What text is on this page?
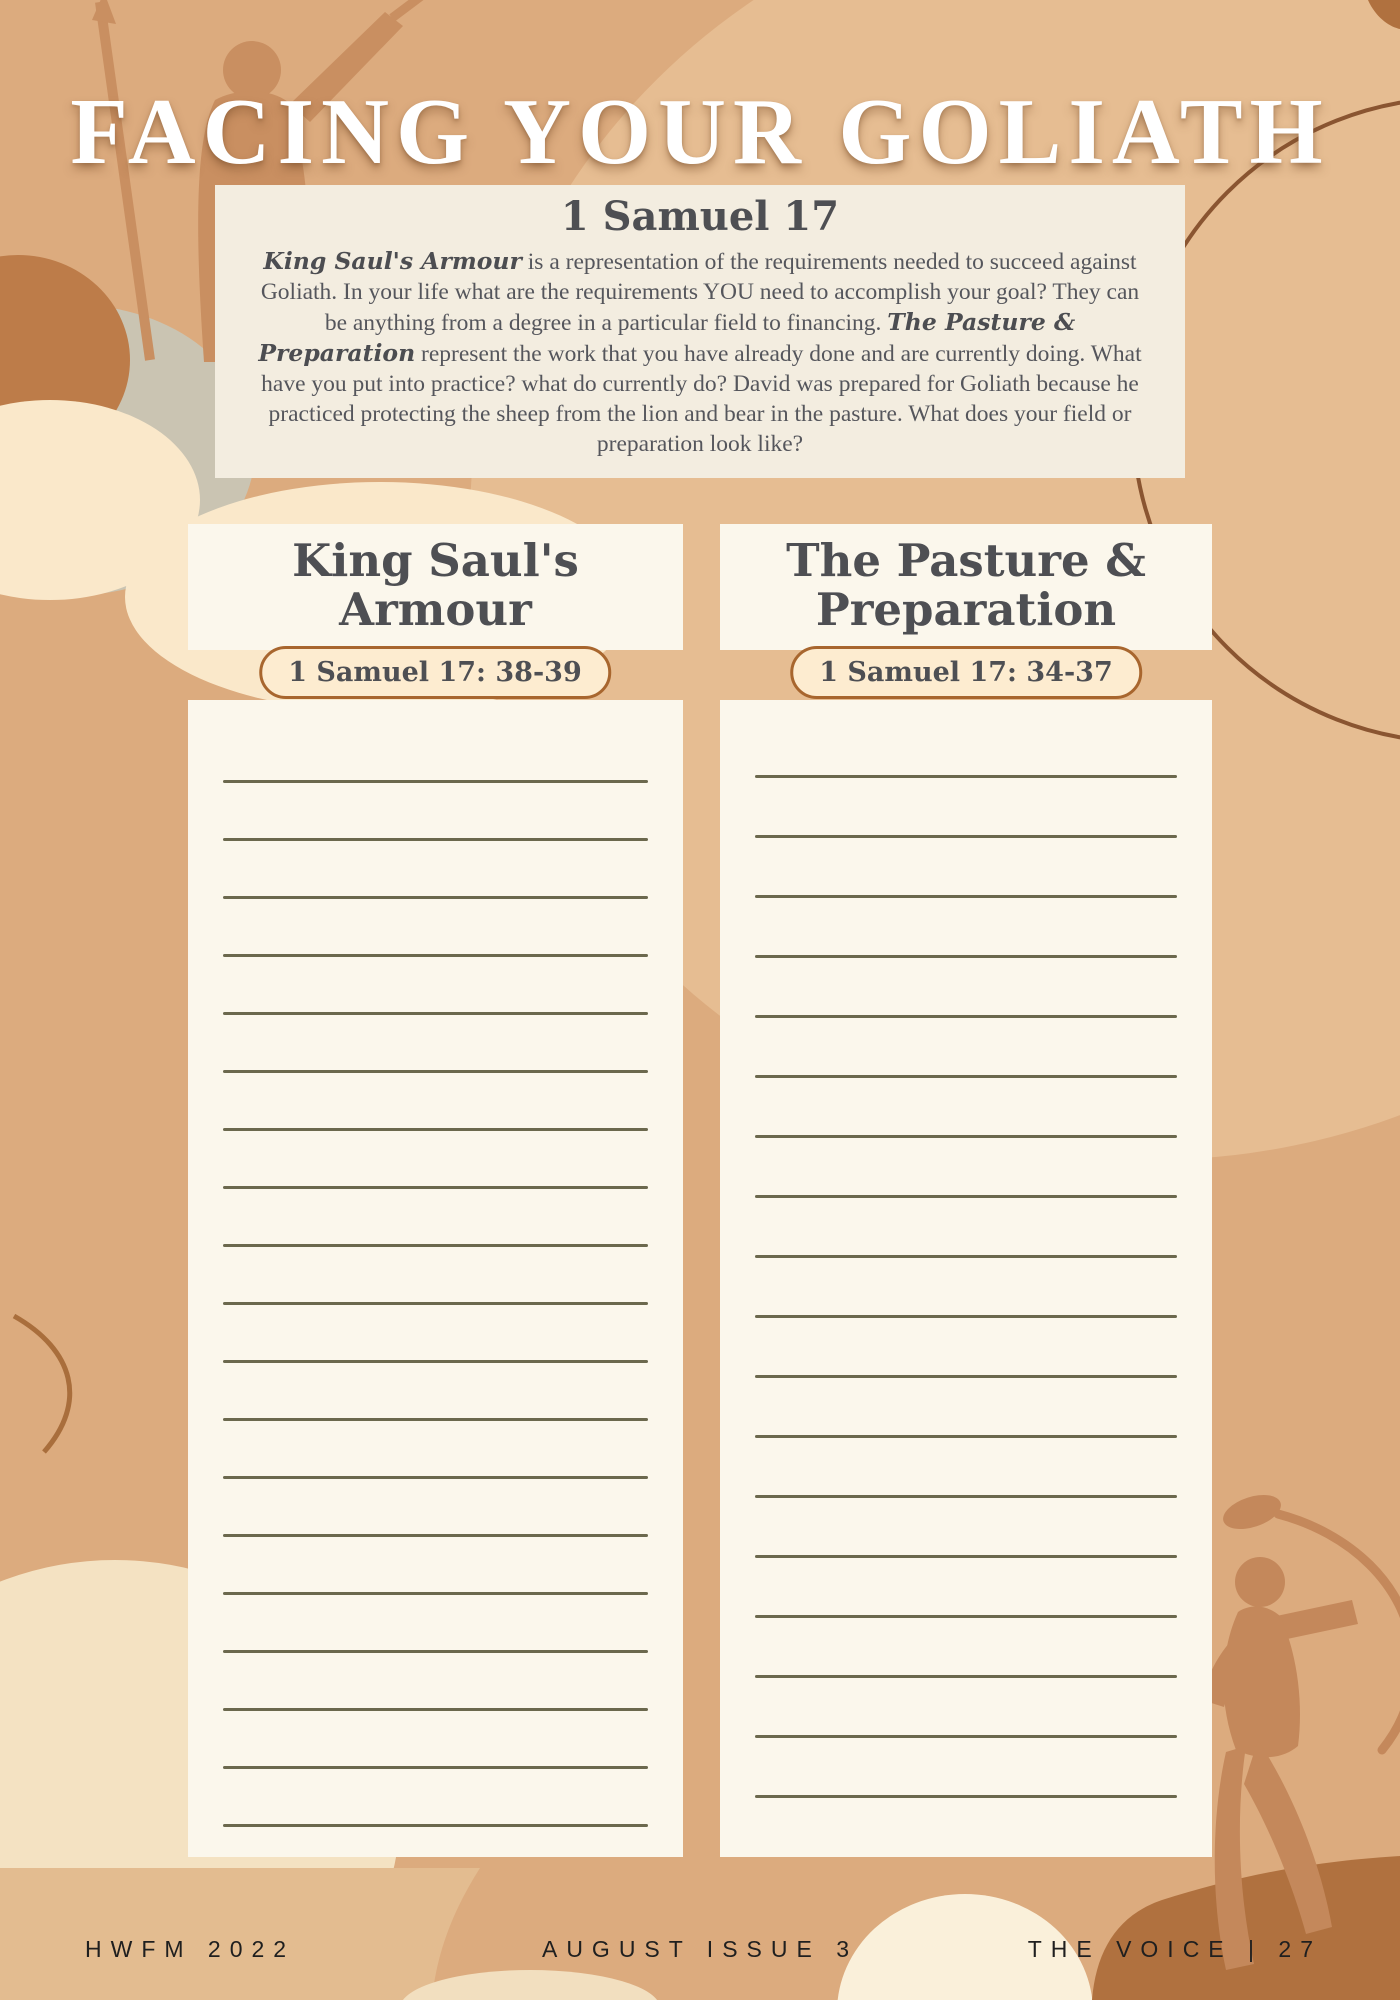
FACING YOUR GOLIATH
1 Samuel 17

King Saul's Armour is a representation of the requirements needed to succeed against Goliath. In your life what are the requirements YOU need to accomplish your goal? They can be anything from a degree in a particular field to financing. The Pasture & Preparation represent the work that you have already done and are currently doing. What have you put into practice? what do currently do? David was prepared for Goliath because he practiced protecting the sheep from the lion and bear in the pasture. What does your field or preparation look like?

King Saul's
Armour
The Pasture &
Preparation
1 Samuel 17: 38-39	1 Samuel 17: 34-37
HWFM 2022	AUGUST ISSUE 3	THE VOICE | 27
